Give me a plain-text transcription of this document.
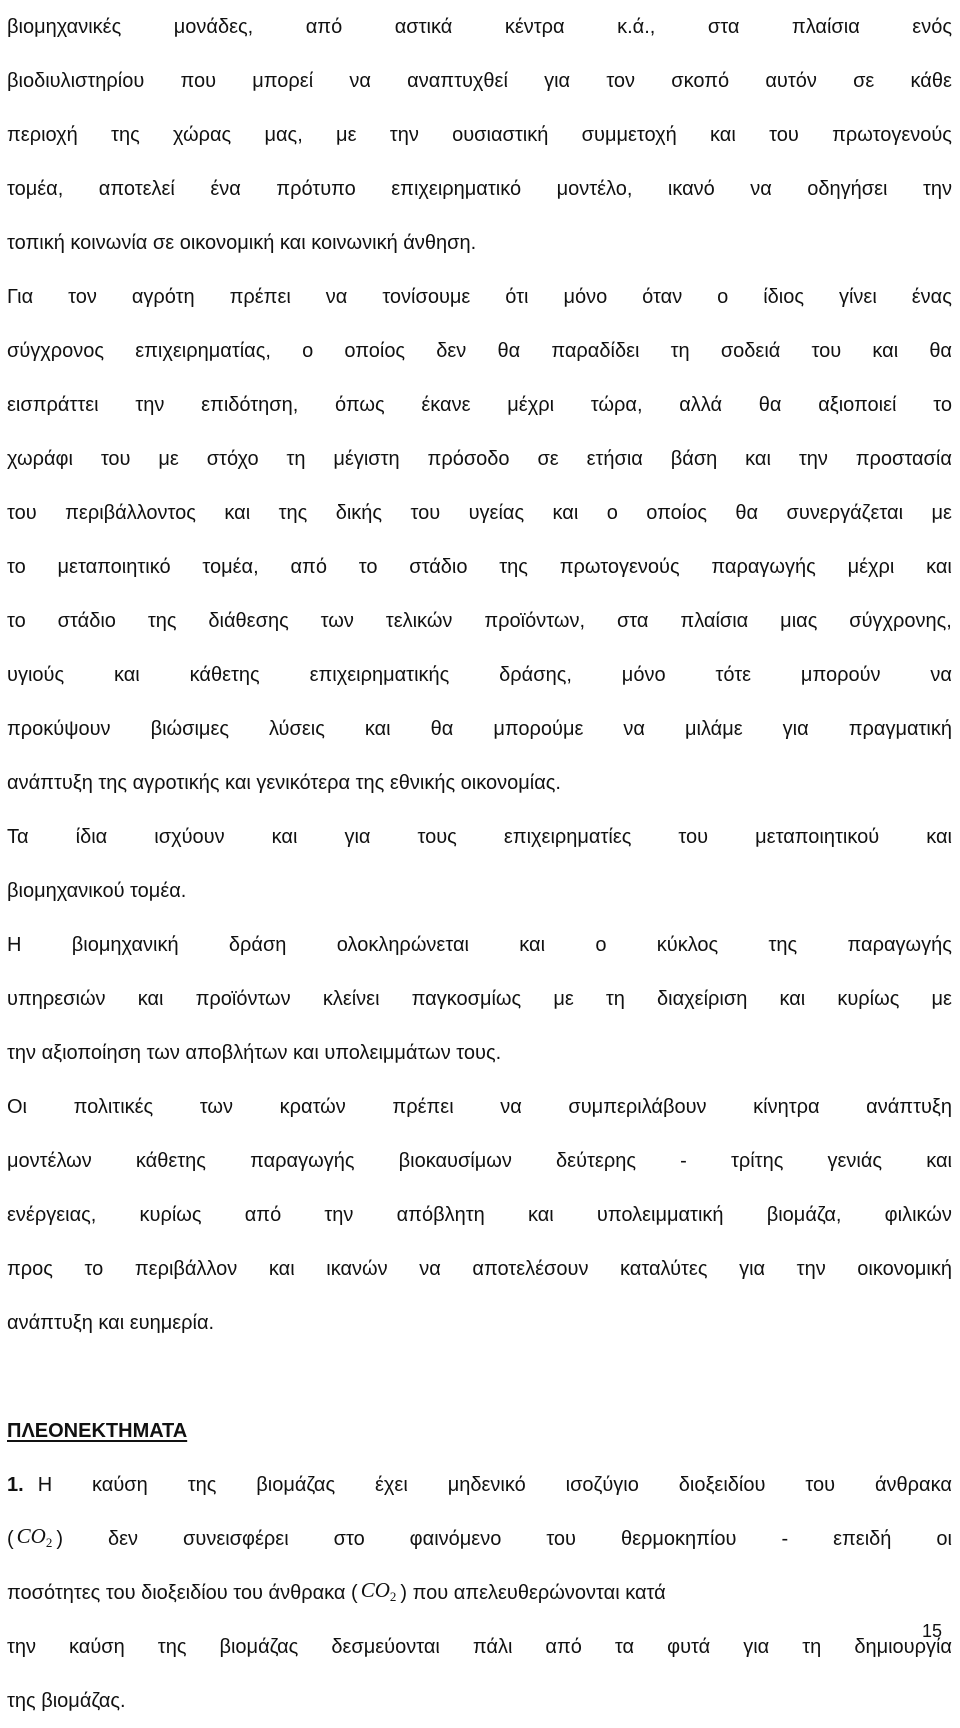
βιομηχανικές	μονάδες,	από	αστικά	κέντρα	κ.ά.,	στα	πλαίσια	ενός
βιοδιυλιστηρίου που μπορεί να αναπτυχθεί για τον σκοπό αυτόν σε κάθε
περιοχή της χώρας μας, με την ουσιαστική συμμετοχή και του πρωτογενούς
τομέα, αποτελεί ένα πρότυπο επιχειρηματικό μοντέλο, ικανό να οδηγήσει την
τοπική κοινωνία σε οικονομική και κοινωνική άνθηση.
Για τον αγρότη πρέπει να τονίσουμε ότι μόνο όταν ο ίδιος γίνει ένας
σύγχρονος επιχειρηματίας, ο οποίος δεν θα παραδίδει τη σοδειά του και θα
εισπράττει την επιδότηση, όπως έκανε μέχρι τώρα, αλλά θα αξιοποιεί το
χωράφι του με στόχο τη μέγιστη πρόσοδο σε ετήσια βάση και την προστασία
του περιβάλλοντος και της δικής του υγείας και ο οποίος θα συνεργάζεται με
το μεταποιητικό τομέα, από το στάδιο της πρωτογενούς παραγωγής μέχρι και
το στάδιο της διάθεσης των τελικών προϊόντων, στα πλαίσια μιας σύγχρονης,
υγιούς και κάθετης επιχειρηματικής δράσης, μόνο τότε μπορούν να
προκύψουν βιώσιμες λύσεις και θα μπορούμε να μιλάμε για πραγματική
ανάπτυξη της αγροτικής και γενικότερα της εθνικής οικονομίας.
Τα ίδια ισχύουν και για τους επιχειρηματίες του μεταποιητικού και
βιομηχανικού τομέα.
Η	βιομηχανική	δράση	ολοκληρώνεται	και	ο	κύκλος	της	παραγωγής
υπηρεσιών και προϊόντων κλείνει παγκοσμίως με τη διαχείριση και κυρίως με
την αξιοποίηση των αποβλήτων και υπολειμμάτων τους.
Οι πολιτικές των κρατών πρέπει να συμπεριλάβουν κίνητρα ανάπτυξη
μοντέλων κάθετης παραγωγής βιοκαυσίμων δεύτερης - τρίτης γενιάς και
ενέργειας, κυρίως από την απόβλητη και υπολειμματική βιομάζα, φιλικών
προς το περιβάλλον και ικανών να αποτελέσουν καταλύτες για την οικονομική
ανάπτυξη και ευημερία.
ΠΛΕΟΝΕΚΤΗΜΑΤΑ
1. Η καύση της βιομάζας έχει μηδενικό ισοζύγιο διοξειδίου του άνθρακα
( $CO_2$ ) δεν συνεισφέρει στο φαινόμενο του θερμοκηπίου - επειδή οι
ποσότητες του διοξειδίου του άνθρακα ( $CO_2$ ) που απελευθερώνονται κατά
την καύση της βιομάζας δεσμεύονται πάλι από τα φυτά για τη δημιουργία
της βιομάζας.
15
